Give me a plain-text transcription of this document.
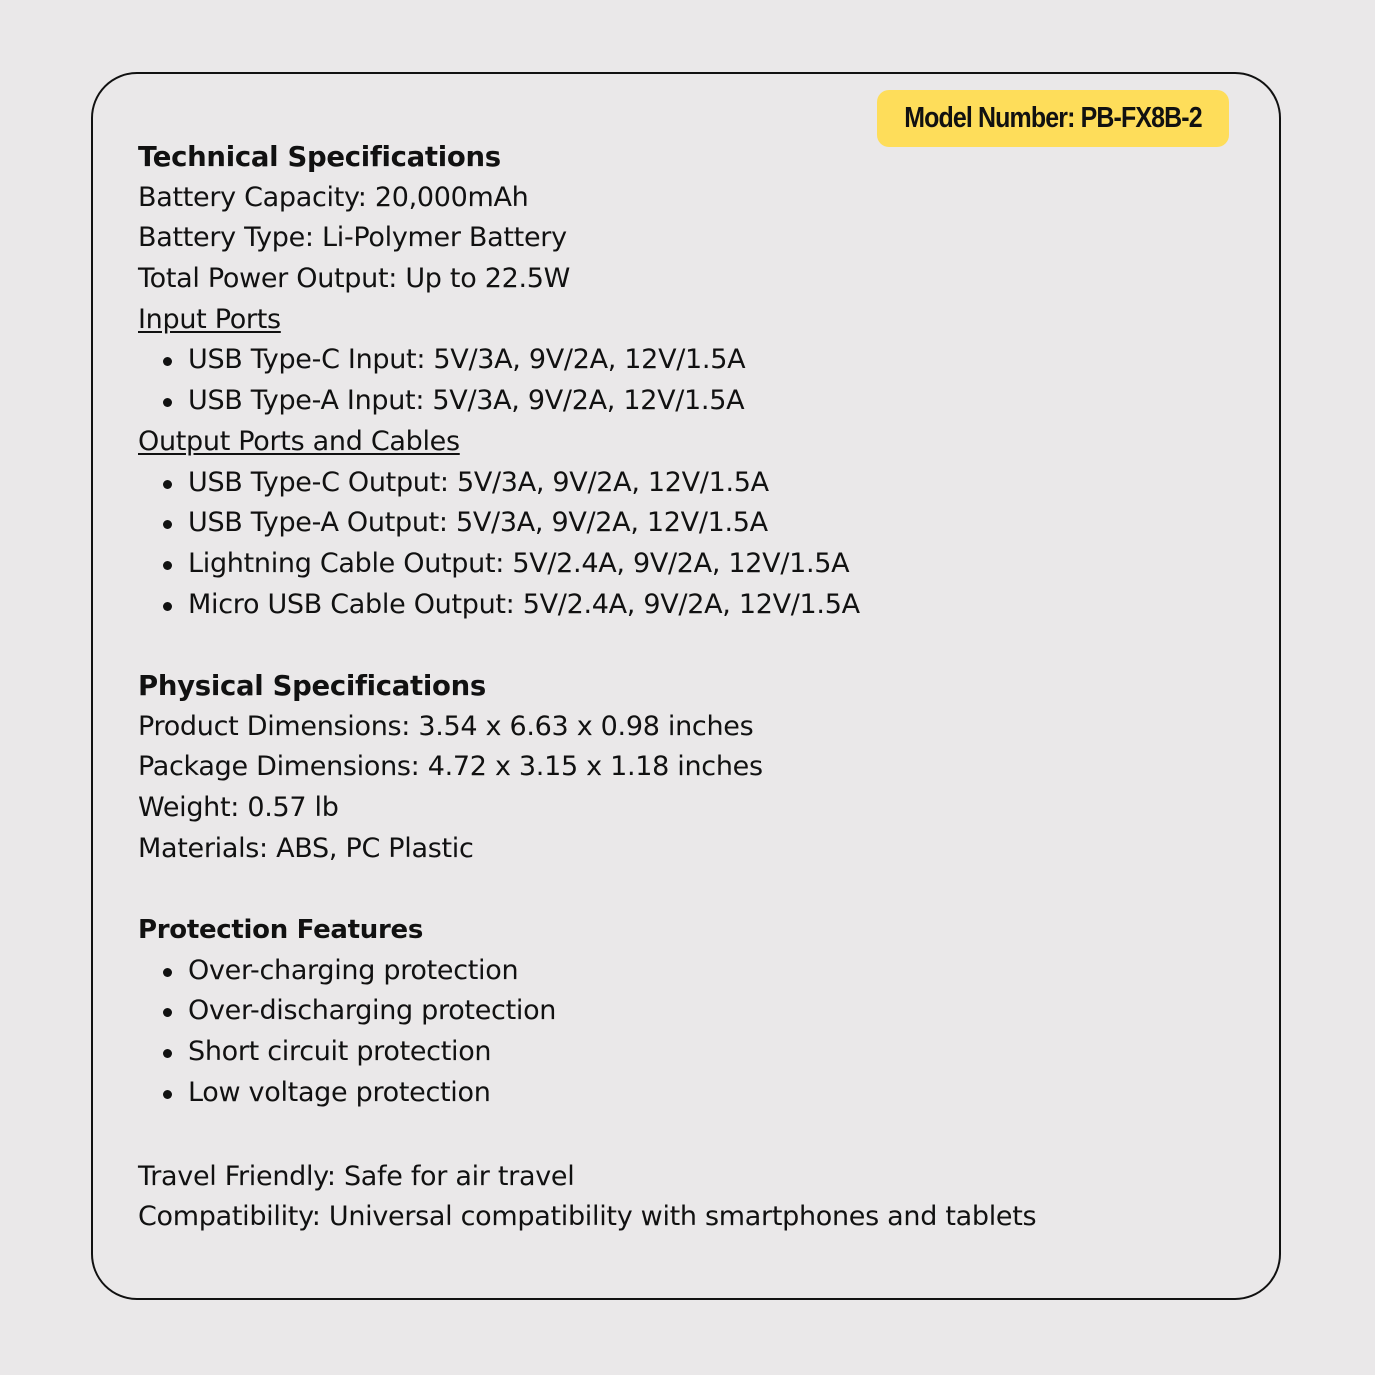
Model Number: PB-FX8B-2
Technical Specifications
Battery Capacity: 20,000mAh
Battery Type: Li-Polymer Battery
Total Power Output: Up to 22.5W
Input Ports
USB Type-C Input: 5V/3A, 9V/2A, 12V/1.5A
USB Type-A Input: 5V/3A, 9V/2A, 12V/1.5A
Output Ports and Cables
USB Type-C Output: 5V/3A, 9V/2A, 12V/1.5A
USB Type-A Output: 5V/3A, 9V/2A, 12V/1.5A
Lightning Cable Output: 5V/2.4A, 9V/2A, 12V/1.5A
Micro USB Cable Output: 5V/2.4A, 9V/2A, 12V/1.5A
Physical Specifications
Product Dimensions: 3.54 x 6.63 x 0.98 inches
Package Dimensions: 4.72 x 3.15 x 1.18 inches
Weight: 0.57 lb
Materials: ABS, PC Plastic
Protection Features
Over-charging protection
Over-discharging protection
Short circuit protection
Low voltage protection
Travel Friendly: Safe for air travel
Compatibility: Universal compatibility with smartphones and tablets
